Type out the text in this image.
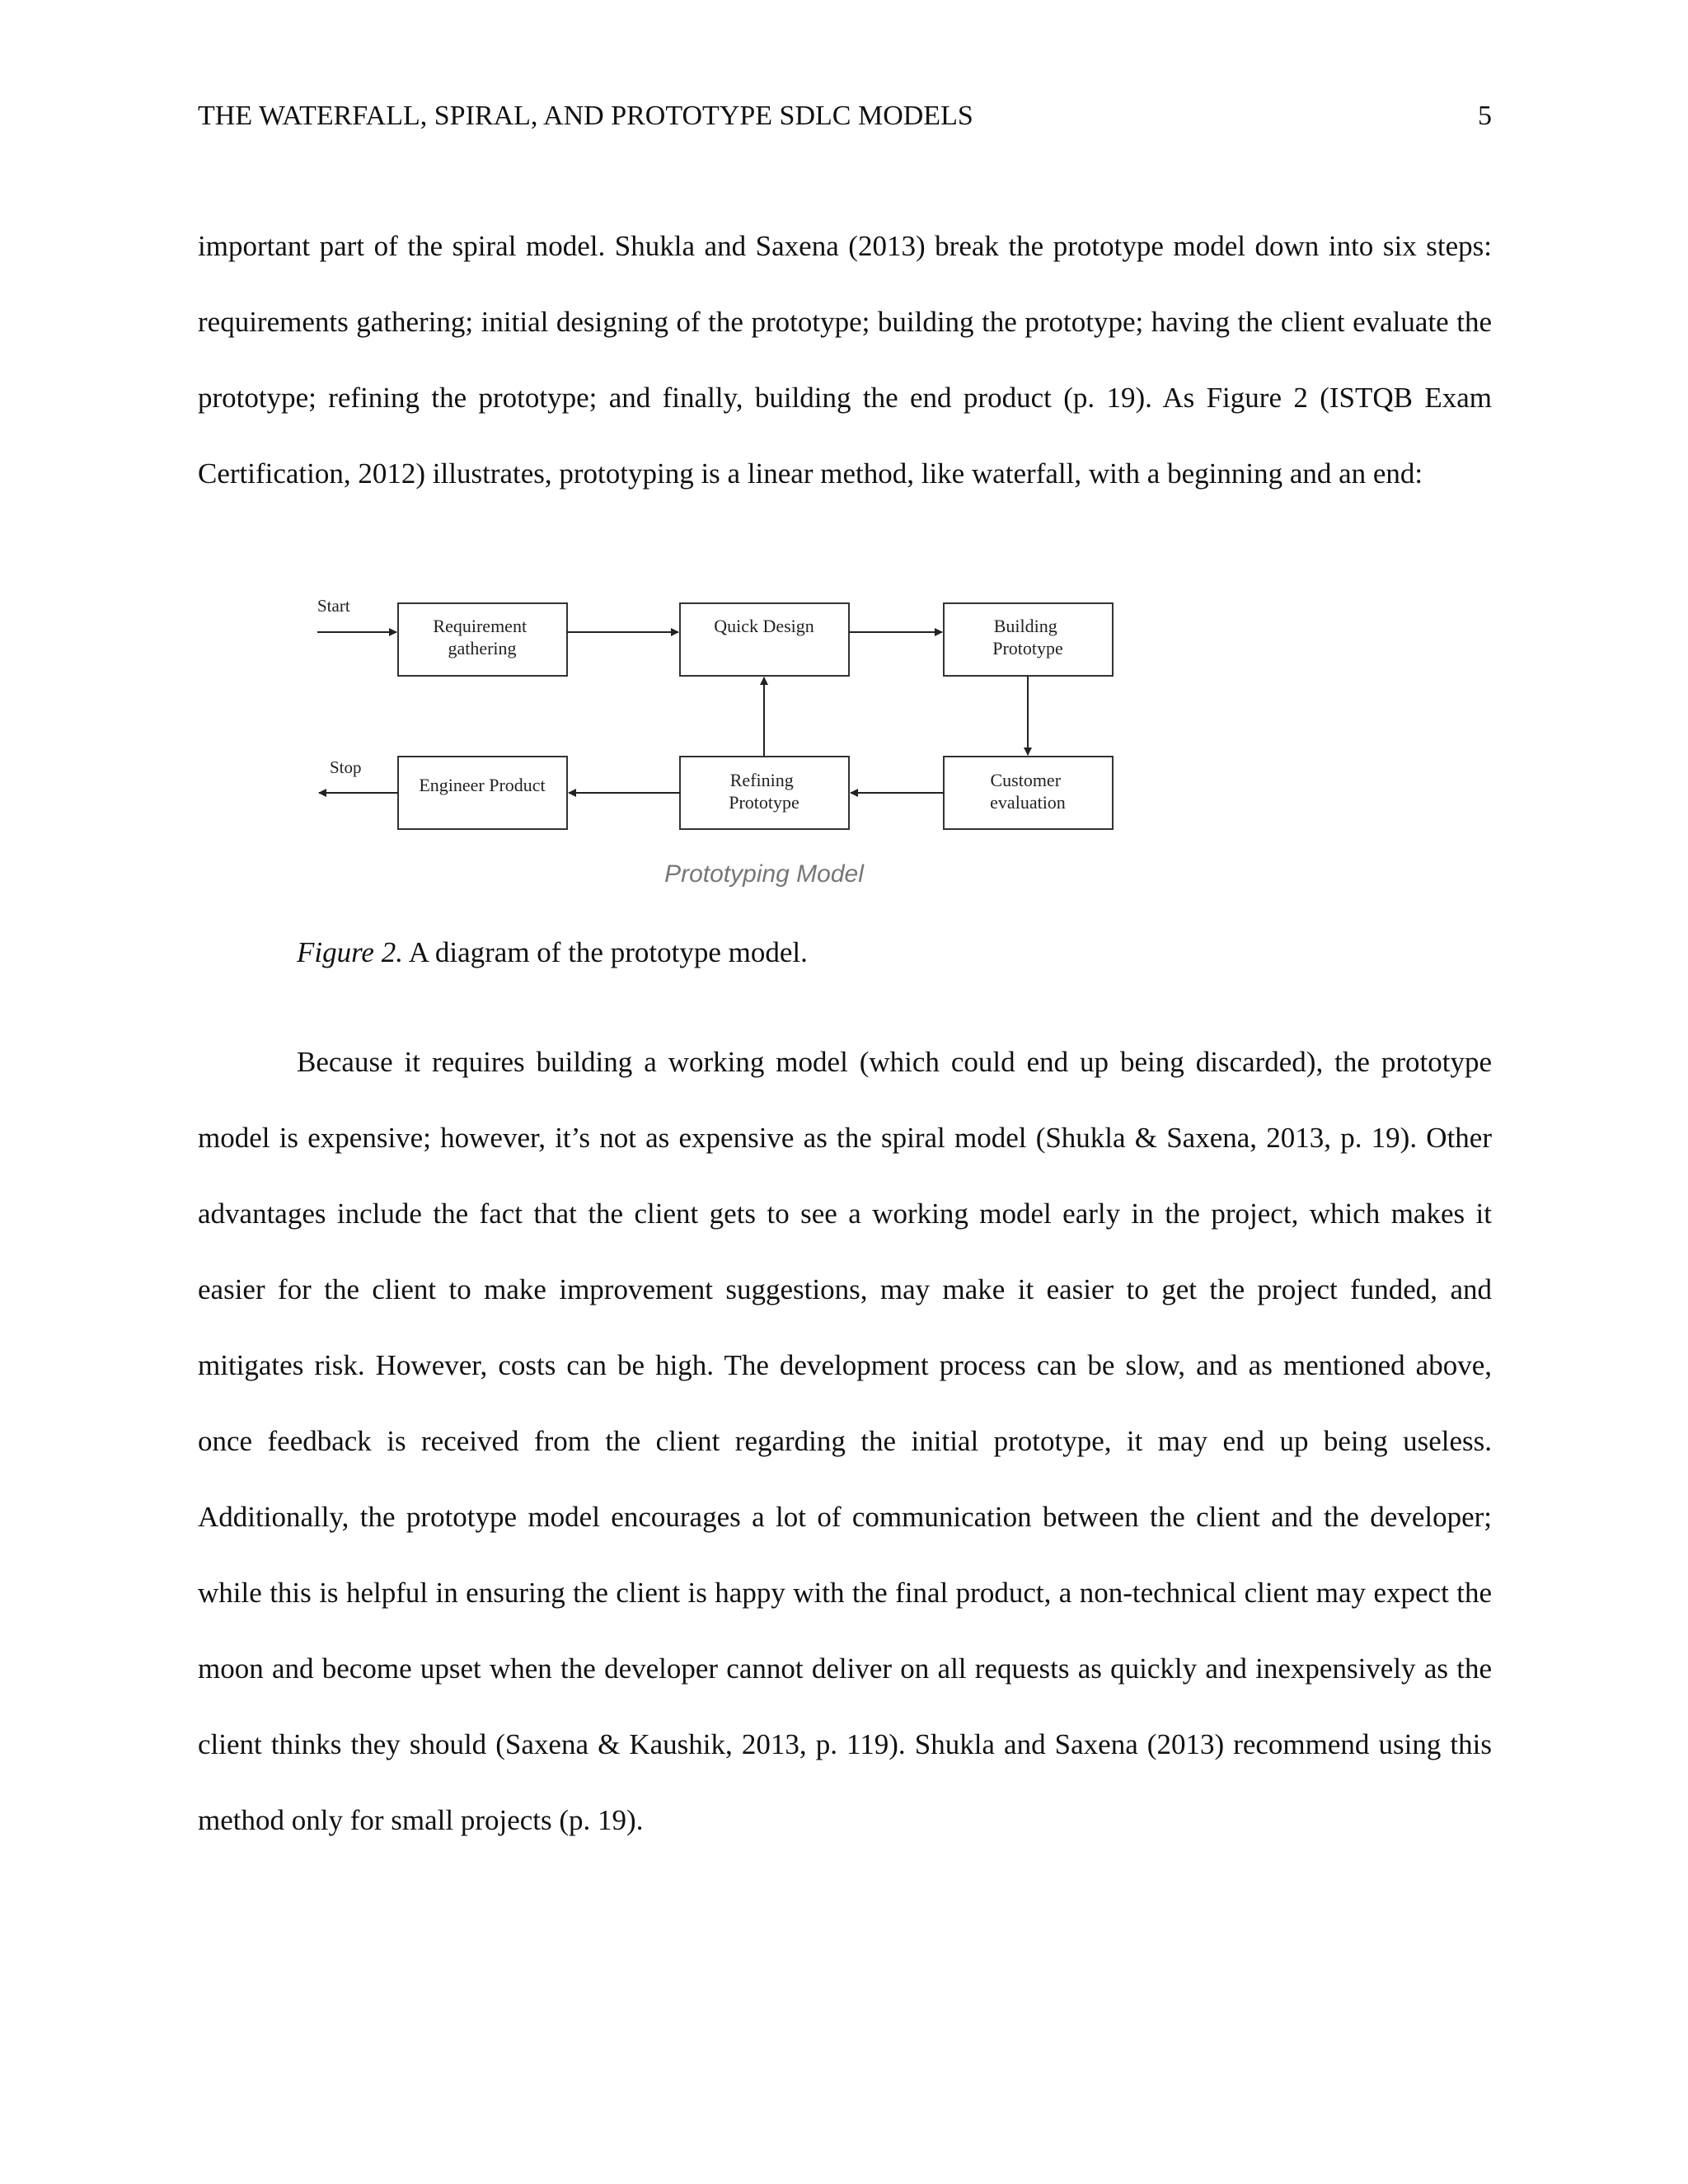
THE WATERFALL, SPIRAL, AND PROTOTYPE SDLC MODELS	5

important part of the spiral model. Shukla and Saxena (2013) break the prototype model down into six steps: requirements gathering; initial designing of the prototype; building the prototype; having the client evaluate the prototype; refining the prototype; and finally, building the end product (p. 19). As Figure 2 (ISTQB Exam Certification, 2012) illustrates, prototyping is a linear method, like waterfall, with a beginning and an end:

Start
Stop
Requirement gathering
Quick Design	Building Prototype
Engineer Product	Refining Prototype
Customer evaluation
Prototyping Model
Figure 2. A diagram of the prototype model.

Because it requires building a working model (which could end up being discarded), the prototype model is expensive; however, it’s not as expensive as the spiral model (Shukla & Saxena, 2013, p. 19). Other advantages include the fact that the client gets to see a working model early in the project, which makes it easier for the client to make improvement suggestions, may make it easier to get the project funded, and mitigates risk. However, costs can be high. The development process can be slow, and as mentioned above, once feedback is received from the client regarding the initial prototype, it may end up being useless. Additionally, the prototype model encourages a lot of communication between the client and the developer; while this is helpful in ensuring the client is happy with the final product, a non-technical client may expect the moon and become upset when the developer cannot deliver on all requests as quickly and inexpensively as the client thinks they should (Saxena & Kaushik, 2013, p. 119). Shukla and Saxena (2013) recommend using this method only for small projects (p. 19).
